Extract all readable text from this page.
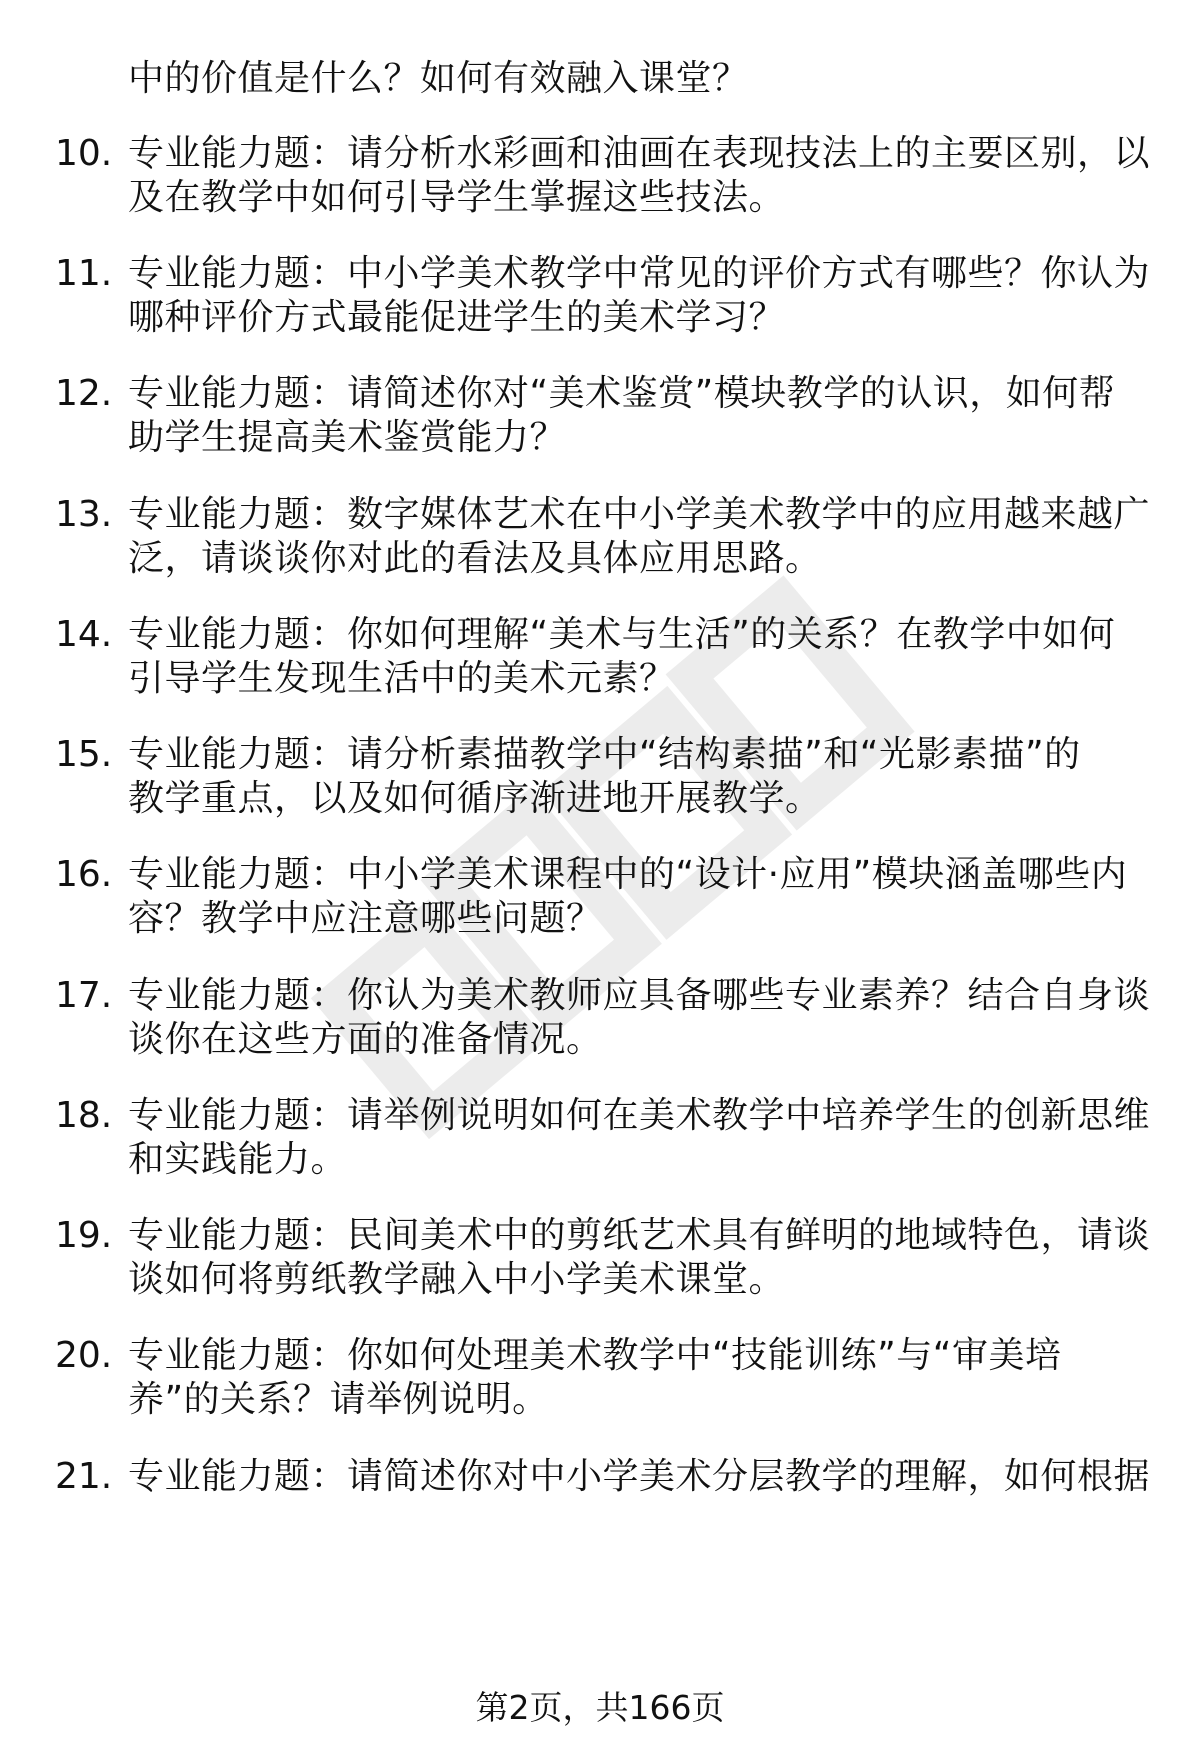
中的价值是什么？如何有效融入课堂？
10. 专业能力题：请分析水彩画和油画在表现技法上的主要区别，以
及在教学中如何引导学生掌握这些技法。
11. 专业能力题：中小学美术教学中常见的评价方式有哪些？你认为
哪种评价方式最能促进学生的美术学习？
12. 专业能力题：请简述你对“美术鉴赏”模块教学的认识，如何帮
助学生提高美术鉴赏能力？
13. 专业能力题：数字媒体艺术在中小学美术教学中的应用越来越广
泛，请谈谈你对此的看法及具体应用思路。
14. 专业能力题：你如何理解“美术与生活”的关系？在教学中如何
引导学生发现生活中的美术元素？
15. 专业能力题：请分析素描教学中“结构素描”和“光影素描”的
教学重点，以及如何循序渐进地开展教学。
16. 专业能力题：中小学美术课程中的“设计·应用”模块涵盖哪些内
容？教学中应注意哪些问题？
17. 专业能力题：你认为美术教师应具备哪些专业素养？结合自身谈
谈你在这些方面的准备情况。
18. 专业能力题：请举例说明如何在美术教学中培养学生的创新思维
和实践能力。
19. 专业能力题：民间美术中的剪纸艺术具有鲜明的地域特色，请谈
谈如何将剪纸教学融入中小学美术课堂。
20. 专业能力题：你如何处理美术教学中“技能训练”与“审美培
养”的关系？请举例说明。
21. 专业能力题：请简述你对中小学美术分层教学的理解，如何根据
第2页，共166页
